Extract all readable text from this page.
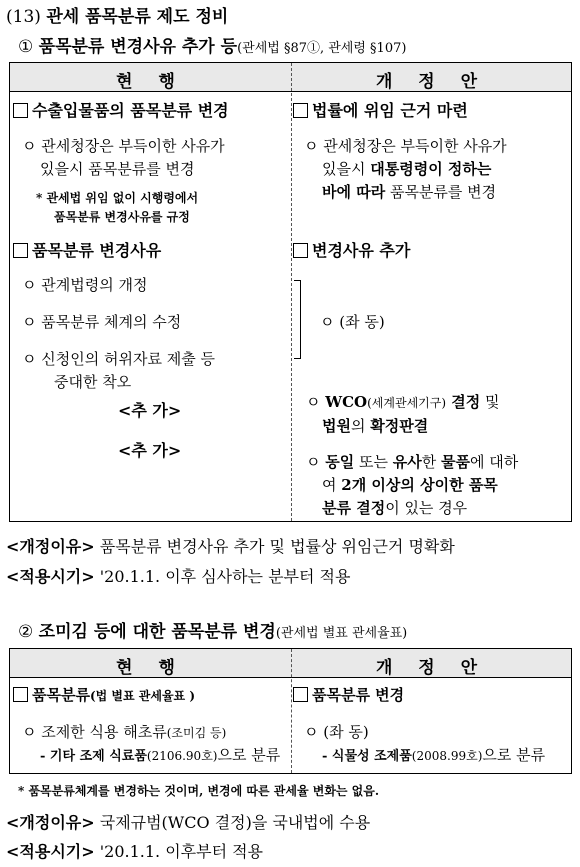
(13) 관세 품목분류 제도 정비
① 품목분류 변경사유 추가 등(관세법 §87①, 관세령 §107)
현 행	개 정 안
수출입물품의 품목분류 변경
ㅇ 관세청장은 부득이한 사유가
있을시 품목분류를 변경
* 관세법 위임 없이 시행령에서
품목분류 변경사유를 규정
품목분류 변경사유
ㅇ 관계법령의 개정
ㅇ 품목분류 체계의 수정
ㅇ 신청인의 허위자료 제출 등
중대한 착오
<추 가>
<추 가>
법률에 위임 근거 마련
ㅇ 관세청장은 부득이한 사유가
있을시 대통령령이 정하는
바에 따라 품목분류를 변경
변경사유 추가
ㅇ (좌 동)
ㅇ WCO(세계관세기구) 결정 및
법원의 확정판결
ㅇ 동일 또는 유사한 물품에 대하
여 2개 이상의 상이한 품목
분류 결정이 있는 경우
<개정이유> 품목분류 변경사유 추가 및 법률상 위임근거 명확화
<적용시기> '20.1.1. 이후 심사하는 분부터 적용
② 조미김 등에 대한 품목분류 변경(관세법 별표 관세율표)
현 행	개 정 안
품목분류(법 별표 관세율표 )
ㅇ 조제한 식용 해초류(조미김 등)
- 기타 조제 식료품(2106.90호)으로 분류
품목분류 변경
ㅇ (좌 동)
- 식물성 조제품(2008.99호)으로 분류
* 품목분류체계를 변경하는 것이며, 변경에 따른 관세율 변화는 없음.
<개정이유> 국제규범(WCO 결정)을 국내법에 수용
<적용시기> '20.1.1. 이후부터 적용
